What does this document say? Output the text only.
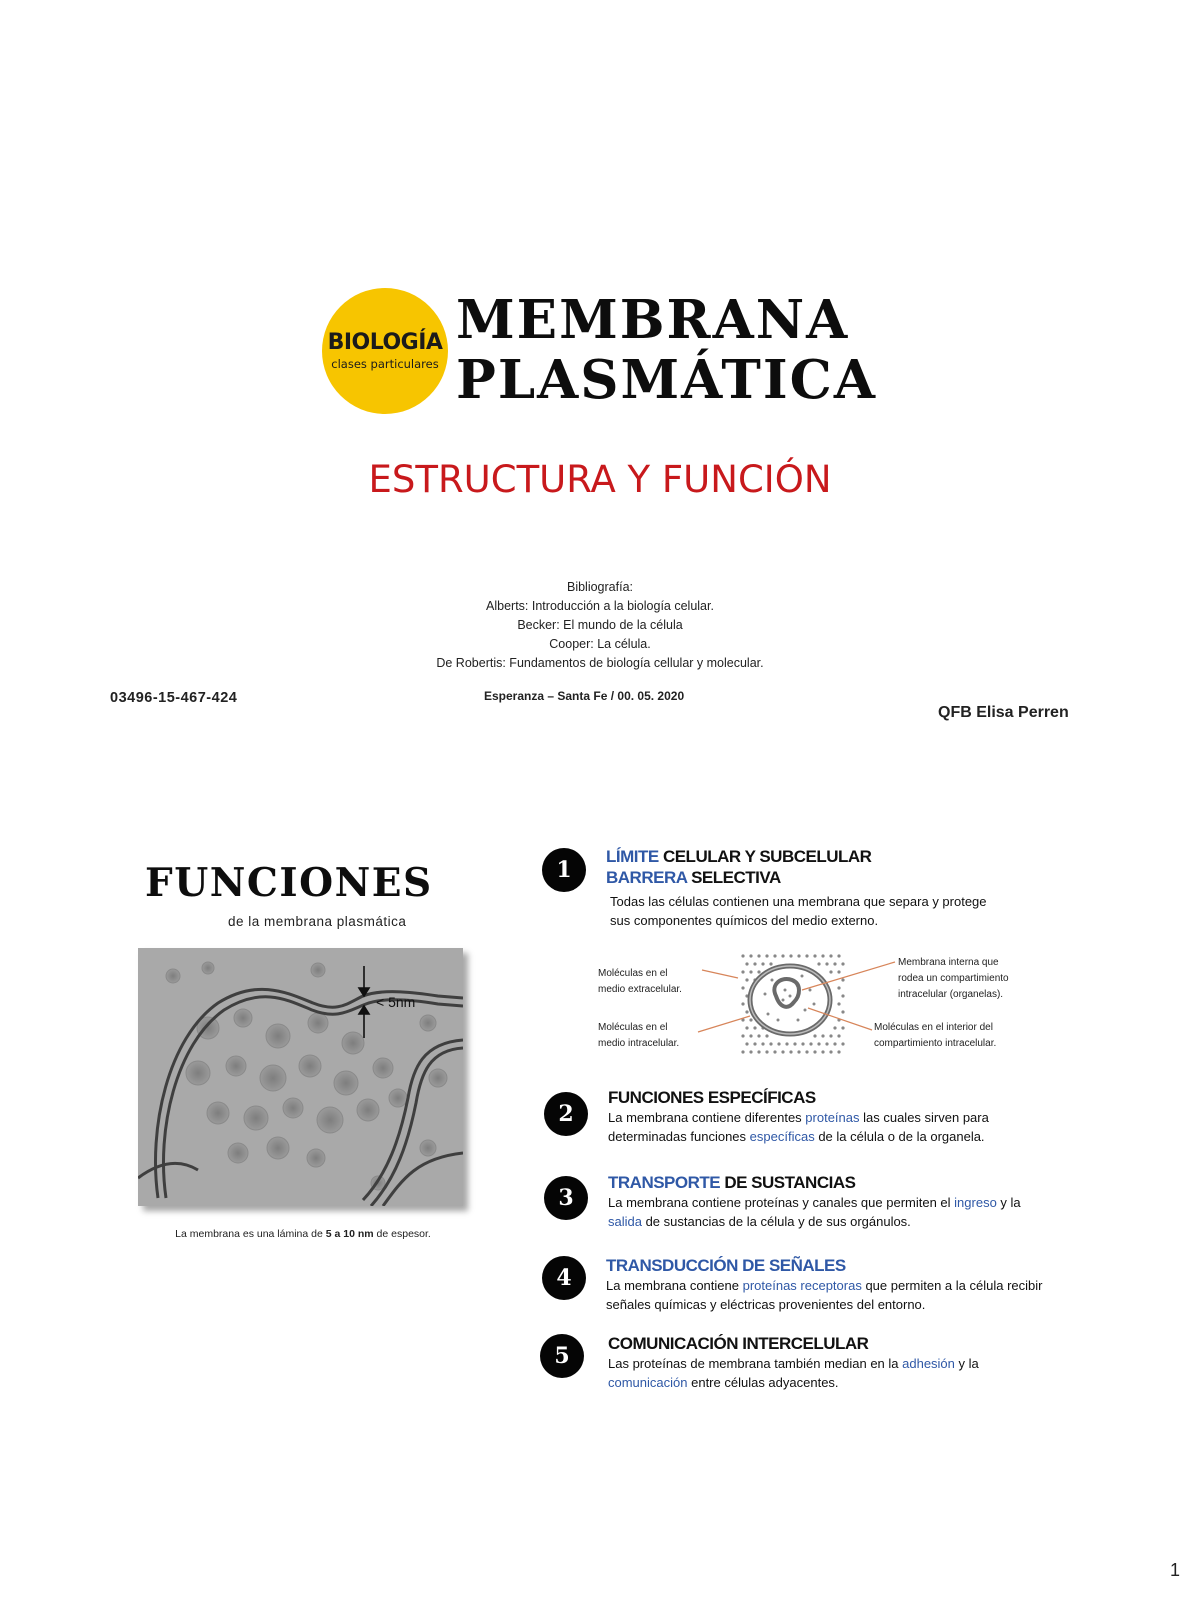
BIOLOGÍA
clases particulares
MEMBRANA
PLASMÁTICA
ESTRUCTURA Y FUNCIÓN
Bibliografía:
Alberts: Introducción a la biología celular.
Becker: El mundo de la célula
Cooper: La célula.
De Robertis: Fundamentos de biología cellular y molecular.
03496-15-467-424	Esperanza – Santa Fe / 00. 05. 2020
QFB Elisa Perren
FUNCIONES
de la membrana plasmática
< 5nm
La membrana es una lámina de 5 a 10 nm de espesor.
1
LÍMITE CELULAR Y SUBCELULAR
BARRERA SELECTIVA
Todas las células contienen una membrana que separa y protege
sus componentes químicos del medio externo.
Moléculas en el
medio extracelular.
Moléculas en el
medio intracelular.
Membrana interna que
rodea un compartimiento
intracelular (organelas).
Moléculas en el interior del
compartimiento intracelular.
2
FUNCIONES ESPECÍFICAS
La membrana contiene diferentes proteínas las cuales sirven para
determinadas funciones específicas de la célula o de la organela.
3
TRANSPORTE DE SUSTANCIAS
La membrana contiene proteínas y canales que permiten el ingreso y la
salida de sustancias de la célula y de sus orgánulos.
4	TRANSDUCCIÓN DE SEÑALES
La membrana contiene proteínas receptoras que permiten a la célula recibir
señales químicas y eléctricas provenientes del entorno.
5	COMUNICACIÓN INTERCELULAR
Las proteínas de membrana también median en la adhesión y la
comunicación entre células adyacentes.
1
